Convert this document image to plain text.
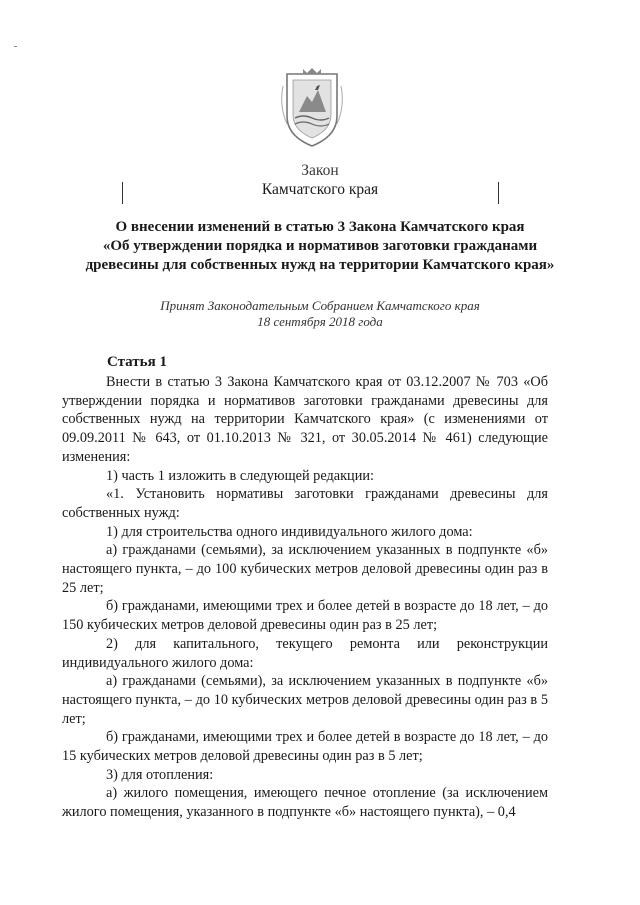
Закон
Камчатского края
О внесении изменений в статью 3 Закона Камчатского края
«Об утверждении порядка и нормативов заготовки гражданами
древесины для собственных нужд на территории Камчатского края»
Принят Законодательным Собранием Камчатского края
18 сентября 2018 года
Статья 1

Внести в статью 3 Закона Камчатского края от 03.12.2007 № 703 «Об утверждении порядка и нормативов заготовки гражданами древесины для собственных нужд на территории Камчатского края» (с изменениями от 09.09.2011 № 643, от 01.10.2013 № 321, от 30.05.2014 № 461) следующие изменения:

1) часть 1 изложить в следующей редакции:

«1. Установить нормативы заготовки гражданами древесины для собственных нужд:

1) для строительства одного индивидуального жилого дома:

а) гражданами (семьями), за исключением указанных в подпункте «б» настоящего пункта, – до 100 кубических метров деловой древесины один раз в 25 лет;

б) гражданами, имеющими трех и более детей в возрасте до 18 лет, – до 150 кубических метров деловой древесины один раз в 25 лет;

2) для капитального, текущего ремонта или реконструкции индивидуального жилого дома:

а) гражданами (семьями), за исключением указанных в подпункте «б» настоящего пункта, – до 10 кубических метров деловой древесины один раз в 5 лет;

б) гражданами, имеющими трех и более детей в возрасте до 18 лет, – до 15 кубических метров деловой древесины один раз в 5 лет;

3) для отопления:

а) жилого помещения, имеющего печное отопление (за исключением жилого помещения, указанного в подпункте «б» настоящего пункта), – 0,4
